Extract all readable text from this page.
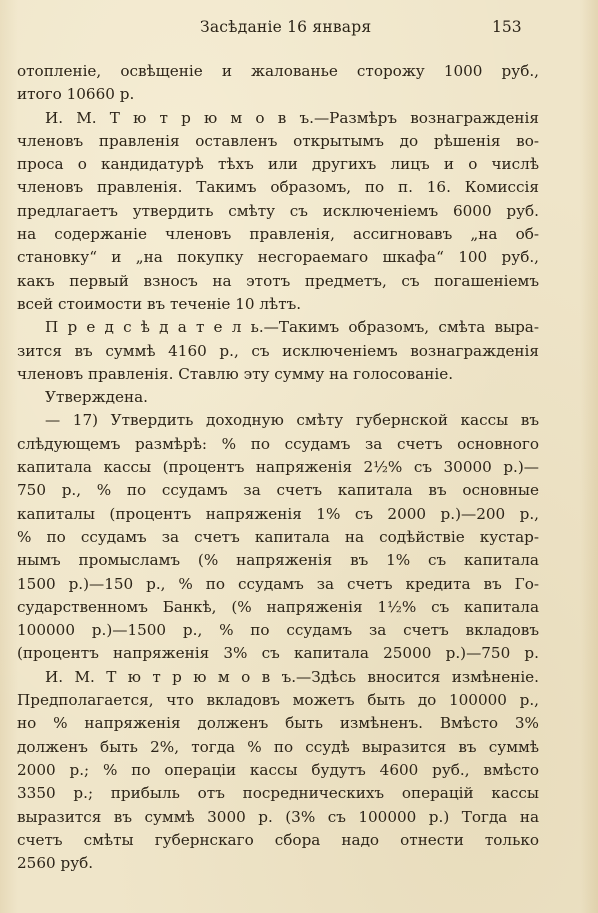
Засѣданіе 16 января	153
отопленіе, освѣщеніе и жалованье сторожу 1000 руб.,
итого 10660 р.
И. М. Т ю т р ю м о в ъ.—Размѣръ вознагражденія
членовъ правленія оставленъ открытымъ до рѣшенія во-
проса о кандидатурѣ тѣхъ или другихъ лицъ и о числѣ
членовъ правленія. Такимъ образомъ, по п. 16. Комиссія
предлагаетъ утвердить смѣту съ исключеніемъ 6000 руб.
на содержаніе членовъ правленія, ассигновавъ „на об-
становку“ и „на покупку несгораемаго шкафа“ 100 руб.,
какъ первый взносъ на этотъ предметъ, съ погашеніемъ
всей стоимости въ теченіе 10 лѣтъ.
П р е д с ѣ д а т е л ь.—Такимъ образомъ, смѣта выра-
зится въ суммѣ 4160 р., съ исключеніемъ вознагражденія
членовъ правленія. Ставлю эту сумму на голосованіе.
Утверждена.
— 17) Утвердить доходную смѣту губернской кассы въ
слѣдующемъ размѣрѣ: % по ссудамъ за счетъ основного
капитала кассы (процентъ напряженія 2½% съ 30000 р.)—
750 р., % по ссудамъ за счетъ капитала въ основные
капиталы (процентъ напряженія 1% съ 2000 р.)—200 р.,
% по ссудамъ за счетъ капитала на содѣйствіе кустар-
нымъ промысламъ (% напряженія въ 1% съ капитала
1500 р.)—150 р., % по ссудамъ за счетъ кредита въ Го-
сударственномъ Банкѣ, (% напряженія 1½% съ капитала
100000 р.)—1500 р., % по ссудамъ за счетъ вкладовъ
(процентъ напряженія 3% съ капитала 25000 р.)—750 р.
И. М. Т ю т р ю м о в ъ.—Здѣсь вносится измѣненіе.
Предполагается, что вкладовъ можетъ быть до 100000 р.,
но % напряженія долженъ быть измѣненъ. Вмѣсто 3%
долженъ быть 2%, тогда % по ссудѣ выразится въ суммѣ
2000 р.; % по операціи кассы будутъ 4600 руб., вмѣсто
3350 р.; прибыль отъ посредническихъ операцій кассы
выразится въ суммѣ 3000 р. (3% съ 100000 р.) Тогда на
счетъ смѣты губернскаго сбора надо отнести только
2560 руб.
